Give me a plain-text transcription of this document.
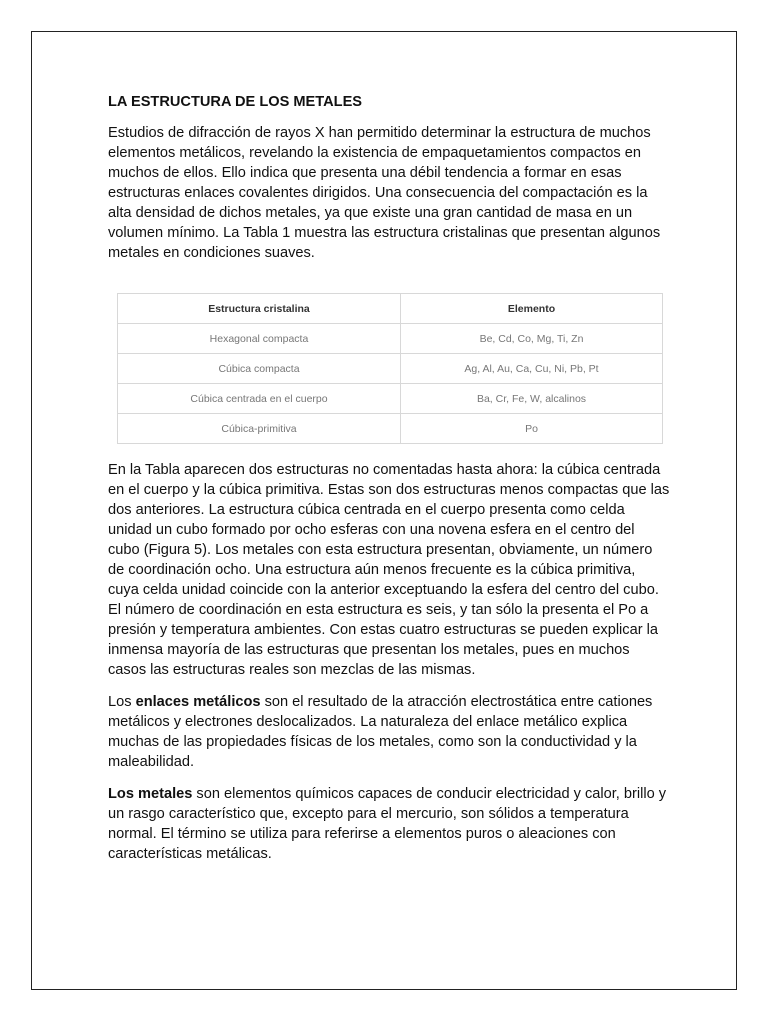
LA ESTRUCTURA DE LOS METALES

Estudios de difracción de rayos X han permitido determinar la estructura de muchos elementos metálicos, revelando la existencia de empaquetamientos compactos en muchos de ellos. Ello indica que presenta una débil tendencia a formar en esas estructuras enlaces covalentes dirigidos. Una consecuencia del compactación es la alta densidad de dichos metales, ya que existe una gran cantidad de masa en un volumen mínimo. La Tabla 1 muestra las estructura cristalinas que presentan algunos metales en condiciones suaves.

Estructura cristalina	Elemento
Hexagonal compacta	Be, Cd, Co, Mg, Ti, Zn
Cúbica compacta	Ag, Al, Au, Ca, Cu, Ni, Pb, Pt
Cúbica centrada en el cuerpo	Ba, Cr, Fe, W, alcalinos
Cúbica-primitiva	Po

En la Tabla aparecen dos estructuras no comentadas hasta ahora: la cúbica centrada en el cuerpo y la cúbica primitiva. Estas son dos estructuras menos compactas que las dos anteriores. La estructura cúbica centrada en el cuerpo presenta como celda unidad un cubo formado por ocho esferas con una novena esfera en el centro del cubo (Figura 5). Los metales con esta estructura presentan, obviamente, un número de coordinación ocho. Una estructura aún menos frecuente es la cúbica primitiva, cuya celda unidad coincide con la anterior exceptuando la esfera del centro del cubo. El número de coordinación en esta estructura es seis, y tan sólo la presenta el Po a presión y temperatura ambientes. Con estas cuatro estructuras se pueden explicar la inmensa mayoría de las estructuras que presentan los metales, pues en muchos casos las estructuras reales son mezclas de las mismas.

Los enlaces metálicos son el resultado de la atracción electrostática entre cationes metálicos y electrones deslocalizados. La naturaleza del enlace metálico explica muchas de las propiedades físicas de los metales, como son la conductividad y la maleabilidad.

Los metales son elementos químicos capaces de conducir electricidad y calor, brillo y un rasgo característico que, excepto para el mercurio, son sólidos a temperatura normal. El término se utiliza para referirse a elementos puros o aleaciones con características metálicas.
